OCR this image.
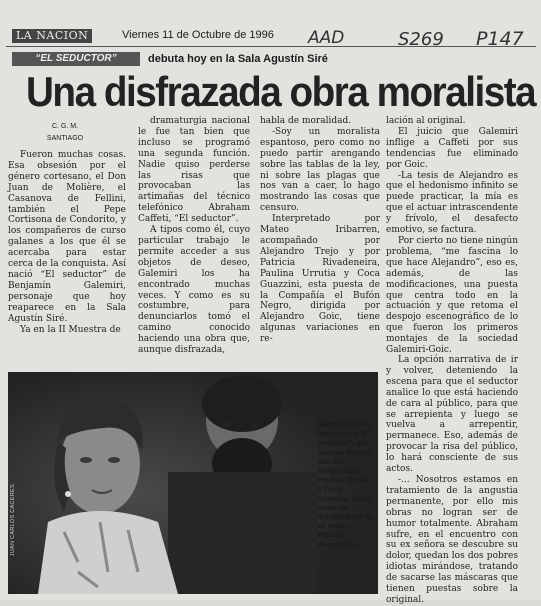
LA NACION	Viernes 11 de Octubre de 1996 AAD	S269 P147
“EL SEDUCTOR”	debuta hoy en la Sala Agustín Siré
Una disfrazada obra moralista
C. G. M.
SANTIAGO

Fueron muchas cosas. Esa obsesión por el género cortesano, el Don Juan de Molière, el Casanova de Fellini, también el Pepe Cortisona de Condorito, y los compañeros de curso galanes a los que él se acercaba para estar cerca de la conquista. Así nació “El seductor” de Benjamín Galemiri, personaje que hoy reaparece en la Sala Agustín Siré.

Ya en la II Muestra de

dramaturgia nacional le fue tan bien que incluso se programó una segunda función. Nadie quiso perderse las risas que provocaban las artimañas del técnico telefónico Abraham Caffeti, “El seductor”.

A tipos como él, cuyo particular trabajo le permite acceder a sus objetos de deseo, Galemiri los ha encontrado muchas veces. Y como es su costumbre, para denunciarlos tomó el camino conocido haciendo una obra que, aunque disfrazada,

habla de moralidad.

-Soy un moralista espantoso, pero como no puedo partir arengando sobre las tablas de la ley, ni sobre las plagas que nos van a caer, lo hago mostrando las cosas que censuro.

Interpretado por Mateo Iribarren, acompañado por Alejandro Trejo y por Patricia Rivadeneira, Paulina Urrutia y Coca Guazzini, esta puesta de la Compañía el Bufón Negro, dirigida por Alejandro Goic, tiene algunas variaciones en re-

lación al original.

El juicio que Galemiri inflige a Caffeti por sus tendencias fue eliminado por Goic.

-La tesis de Alejandro es que el hedonismo infinito se puede practicar, la mía es que el actuar intrascendente y frívolo, el desafecto emotivo, se factura.

Por cierto no tiene ningún problema, “me fascina lo que hace Alejandro”, eso es, además, de las modificaciones, una puesta que centra todo en la actuación y que retoma el despojo escenográfico de lo que fueron los primeros montajes de la sociedad Galemiri-Goic.

La opción narrativa de ir y volver, deteniendo la escena para que el seductor analice lo que está haciendo de cara al público, para que se arrepienta y luego se vuelva a arrepentir, permanece. Eso, además de provocar la risa del público, lo hará consciente de sus actos.

-... Nosotros estamos en tratamiento de la angustia permanente, por ello mis obras no logran ser de humor totalmente. Abraham sufre, en el encuentro con su ex señora se descubre su dolor, quedan los dos pobres idiotas mirándose, tratando de sacarse las máscaras que tienen puestas sobre la original.

JUAN CARLOS CACERES
Mateo Iribarren interpreta a “El seductor”, que aunque alardea con sus conquistas, Paulina Urrutia y Coca Guazzini, sigue teniendo debilidad por su ex mujer, Patricia Rivadeneira.
